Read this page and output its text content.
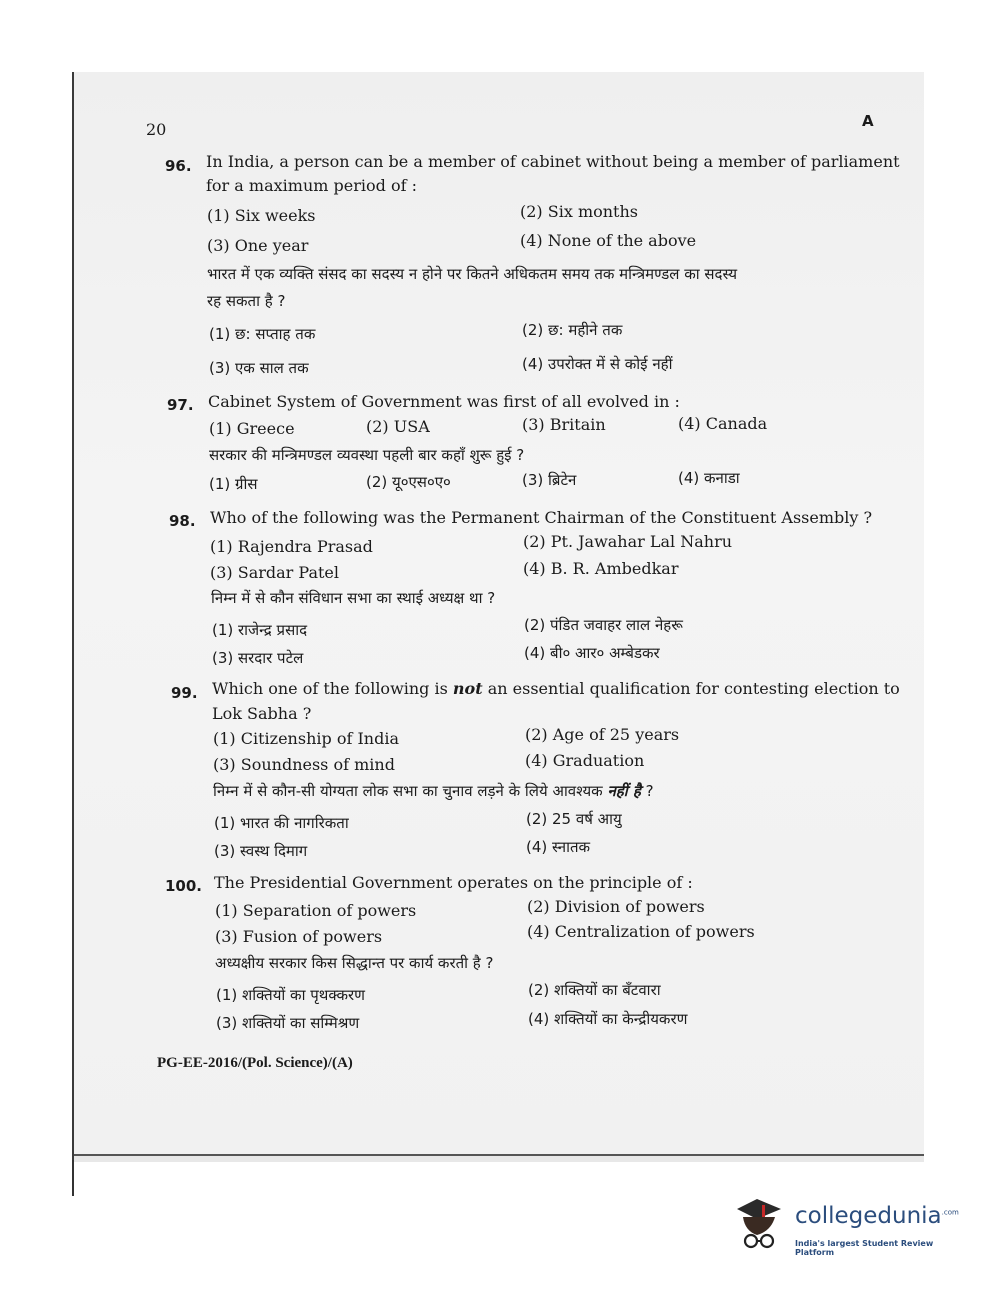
20	A
96. In India, a person can be a member of cabinet without being a member of parliament
for a maximum period of :
(1) Six weeks	(2) Six months
(3) One year	(4) None of the above
भारत में एक व्यक्ति संसद का सदस्य न होने पर कितने अधिकतम समय तक मन्त्रिमण्डल का सदस्य
रह सकता है ?
(1) छ: सप्ताह तक	(2) छ: महीने तक
(3) एक साल तक	(4) उपरोक्त में से कोई नहीं
97. Cabinet System of Government was first of all evolved in :
(1) Greece	(2) USA	(3) Britain	(4) Canada
सरकार की मन्त्रिमण्डल व्यवस्था पहली बार कहाँ शुरू हुई ?
(1) ग्रीस	(2) यू०एस०ए०	(3) ब्रिटेन	(4) कनाडा
98. Who of the following was the Permanent Chairman of the Constituent Assembly ?
(1) Rajendra Prasad	(2) Pt. Jawahar Lal Nahru
(3) Sardar Patel	(4) B. R. Ambedkar
निम्न में से कौन संविधान सभा का स्थाई अध्यक्ष था ?
(1) राजेन्द्र प्रसाद	(2) पंडित जवाहर लाल नेहरू
(3) सरदार पटेल	(4) बी० आर० अम्बेडकर
99. Which one of the following is not an essential qualification for contesting election to
Lok Sabha ?
(1) Citizenship of India	(2) Age of 25 years
(3) Soundness of mind	(4) Graduation
निम्न में से कौन-सी योग्यता लोक सभा का चुनाव लड़ने के लिये आवश्यक नहीं है ?
(1) भारत की नागरिकता	(2) 25 वर्ष आयु
(3) स्वस्थ दिमाग	(4) स्नातक
100. The Presidential Government operates on the principle of :
(1) Separation of powers	(2) Division of powers
(3) Fusion of powers	(4) Centralization of powers
अध्यक्षीय सरकार किस सिद्धान्त पर कार्य करती है ?
(1) शक्तियों का पृथक्करण	(2) शक्तियों का बँटवारा
(3) शक्तियों का सम्मिश्रण	(4) शक्तियों का केन्द्रीयकरण
PG-EE-2016/(Pol. Science)/(A)
collegedunia$^{.com}$
India's largest Student Review Platform
